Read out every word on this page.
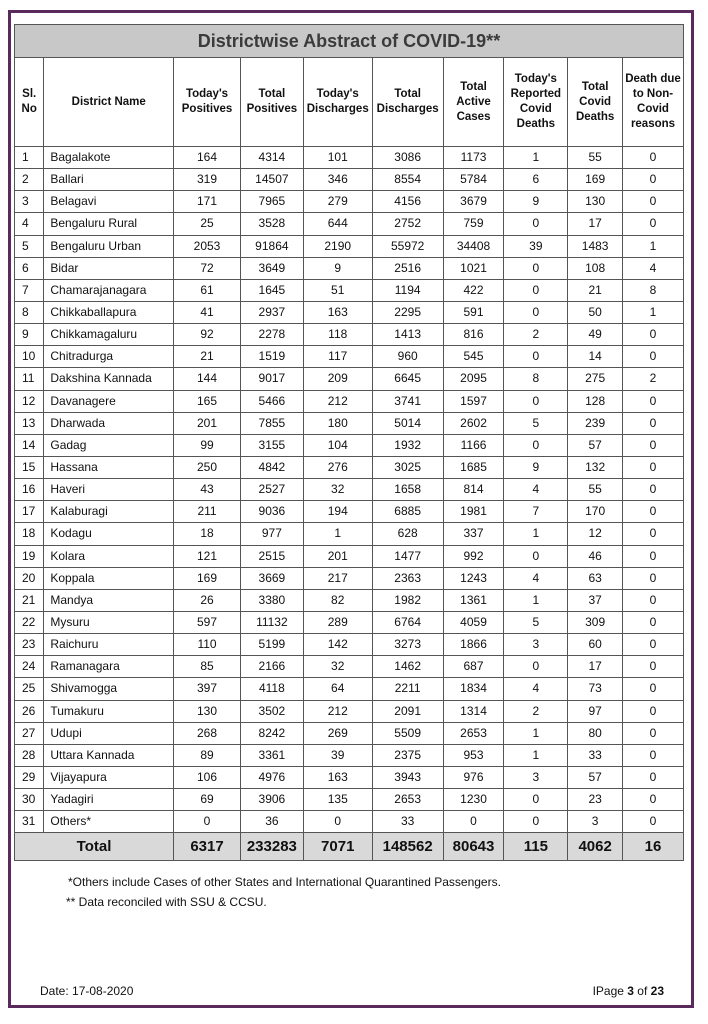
Districtwise Abstract of COVID-19**									
Sl. No	District Name	Today's Positives	Total Positives	Today's Discharges	Total Discharges	Total Active Cases	Today's Reported Covid Deaths	Total Covid Deaths	Death due to Non-Covid reasons
1	Bagalakote	164	4314	101	3086	1173	1	55	0
2	Ballari	319	14507	346	8554	5784	6	169	0
3	Belagavi	171	7965	279	4156	3679	9	130	0
4	Bengaluru Rural	25	3528	644	2752	759	0	17	0
5	Bengaluru Urban	2053	91864	2190	55972	34408	39	1483	1
6	Bidar	72	3649	9	2516	1021	0	108	4
7	Chamarajanagara	61	1645	51	1194	422	0	21	8
8	Chikkaballapura	41	2937	163	2295	591	0	50	1
9	Chikkamagaluru	92	2278	118	1413	816	2	49	0
10	Chitradurga	21	1519	117	960	545	0	14	0
11	Dakshina Kannada	144	9017	209	6645	2095	8	275	2
12	Davanagere	165	5466	212	3741	1597	0	128	0
13	Dharwada	201	7855	180	5014	2602	5	239	0
14	Gadag	99	3155	104	1932	1166	0	57	0
15	Hassana	250	4842	276	3025	1685	9	132	0
16	Haveri	43	2527	32	1658	814	4	55	0
17	Kalaburagi	211	9036	194	6885	1981	7	170	0
18	Kodagu	18	977	1	628	337	1	12	0
19	Kolara	121	2515	201	1477	992	0	46	0
20	Koppala	169	3669	217	2363	1243	4	63	0
21	Mandya	26	3380	82	1982	1361	1	37	0
22	Mysuru	597	11132	289	6764	4059	5	309	0
23	Raichuru	110	5199	142	3273	1866	3	60	0
24	Ramanagara	85	2166	32	1462	687	0	17	0
25	Shivamogga	397	4118	64	2211	1834	4	73	0
26	Tumakuru	130	3502	212	2091	1314	2	97	0
27	Udupi	268	8242	269	5509	2653	1	80	0
28	Uttara Kannada	89	3361	39	2375	953	1	33	0
29	Vijayapura	106	4976	163	3943	976	3	57	0
30	Yadagiri	69	3906	135	2653	1230	0	23	0
31	Others*	0	36	0	33	0	0	3	0
Total		6317	233283	7071	148562	80643	115	4062	16
*Others include Cases of other States and International Quarantined Passengers.
** Data reconciled with SSU & CCSU.
Date: 17-08-2020	IPage 3 of 23
